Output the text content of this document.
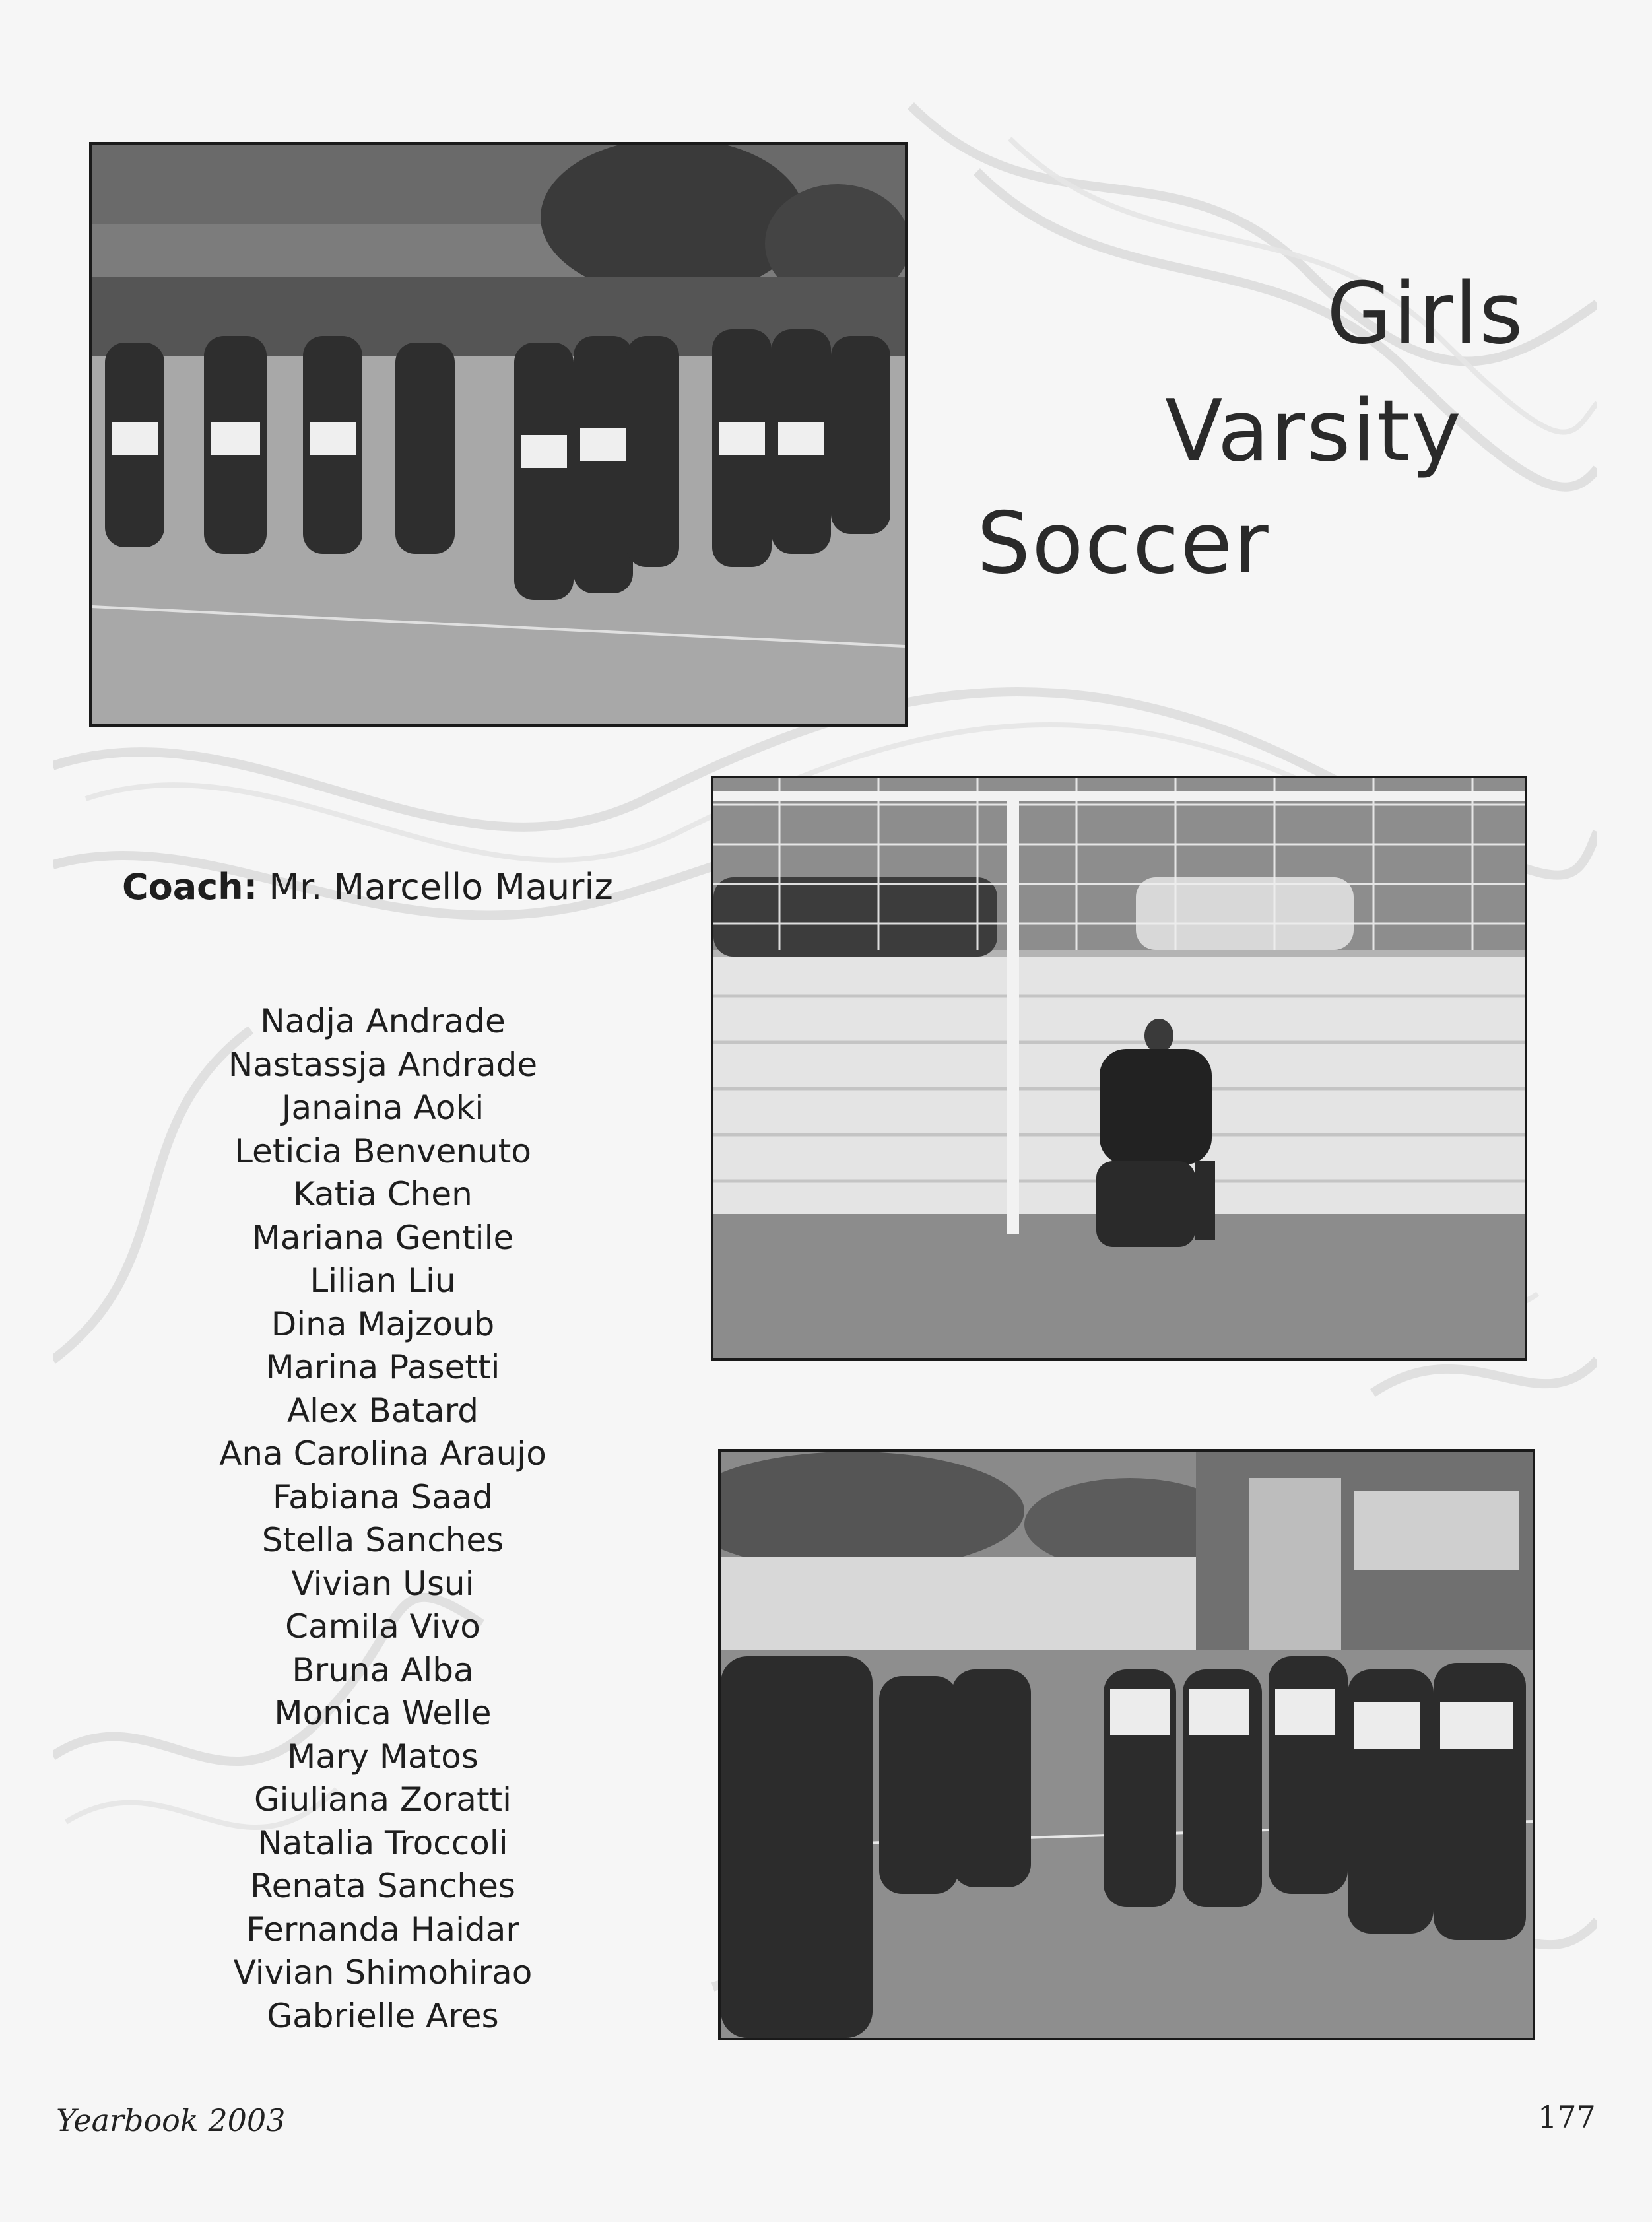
Girls
Varsity
Soccer
Coach: Mr. Marcello Mauriz
Nadja Andrade
Nastassja Andrade
Janaina Aoki
Leticia Benvenuto
Katia Chen
Mariana Gentile
Lilian Liu
Dina Majzoub
Marina Pasetti
Alex Batard
Ana Carolina Araujo
Fabiana Saad
Stella Sanches
Vivian Usui
Camila Vivo
Bruna Alba
Monica Welle
Mary Matos
Giuliana Zoratti
Natalia Troccoli
Renata Sanches
Fernanda Haidar
Vivian Shimohirao
Gabrielle Ares
Yearbook 2003	177
